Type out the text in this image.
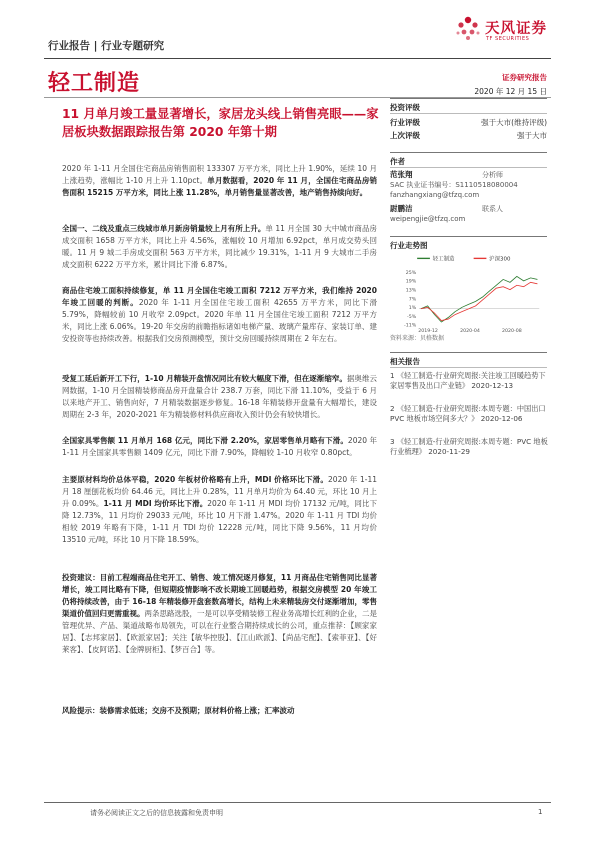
行业报告 | 行业专题研究
天风证券
TF SECURITIES
轻工制造
11 月单月竣工量显著增长，家居龙头线上销售亮眼——家居板块数据跟踪报告第 2020 年第十期
证券研究报告
2020 年 12 月 15 日
投资评级
行业评级	强于大市(维持评级)
上次评级	强于大市
作者
范张翔	分析师
SAC 执业证书编号：S1110518080004
fanzhangxiang@tfzq.com
尉鹏洁	联系人
weipengjie@tfzq.com
行业走势图
轻工制造	沪深300
25%
19%
13%
7%
1%
-5%
-11%
2019-12	2020-04	2020-08
资料来源：贝格数据
相关报告
1 《轻工制造-行业研究周报:关注竣工回暖趋势下家居零售及出口产业链》 2020-12-13
2 《轻工制造-行业研究周报:本周专题：中国出口 PVC 地板市场空间多大？》 2020-12-06
3 《轻工制造-行业研究周报:本周专题：PVC 地板行业梳理》 2020-11-29

2020 年 1-11 月全国住宅商品房销售面积 133307 万平方米，同比上升 1.90%，延续 10 月上涨趋势，涨幅比 1-10 月上升 1.10pct。单月数据看，2020 年 11 月，全国住宅商品房销售面积 15215 万平方米，同比上涨 11.28%，单月销售量显著改善，地产销售持续向好。

全国一、二线及重点三线城市单月新房销量较上月有所上升。单 11 月全国 30 大中城市商品房成交面积 1658 万平方米，同比上升 4.56%，涨幅较 10 月增加 6.92pct，单月成交势头回暖。11 月 9 城二手房成交面积 563 万平方米，同比减少 19.31%，1-11 月 9 大城市二手房成交面积 6222 万平方米，累计同比下滑 6.87%。

商品住宅竣工面积持续修复，单 11 月全国住宅竣工面积 7212 万平方米，我们维持 2020 年竣工回暖的判断。2020 年 1-11 月全国住宅竣工面积 42655 万平方米，同比下滑 5.79%，降幅较前 10 月收窄 2.09pct。2020 年单 11 月全国住宅竣工面积 7212 万平方米，同比上涨 6.06%。19-20 年交房的前瞻指标诸如电梯产量、玻璃产量库存、家装订单、建安投资等也持续改善。根据我们交房预测模型，预计交房回暖持续周期在 2 年左右。

受复工延后新开工下行，1-10 月精装开盘情况同比有较大幅度下滑，但在逐渐缩窄。据奥维云网数据，1-10 月全国精装修商品房开盘量合计 238.7 万套，同比下滑 11.10%，受益于 6 月以来地产开工、销售向好，7 月精装数据逐步修复。16-18 年精装修开盘量有大幅增长，建设周期在 2-3 年，2020-2021 年为精装修材料供应商收入预计仍会有较快增长。

全国家具零售额 11 月单月 168 亿元，同比下滑 2.20%，家居零售单月略有下滑。2020 年 1-11 月全国家具零售额 1409 亿元，同比下滑 7.90%，降幅较 1-10 月收窄 0.80pct。

主要原材料均价总体平稳，2020 年板材价格略有上升，MDI 价格环比下滑。2020 年 1-11 月 18 厘刨花板均价 64.46 元，同比上升 0.28%，11 月单月均价为 64.40 元，环比 10 月上升 0.09%。1-11 月 MDI 均价环比下滑。2020 年 1-11 月 MDI 均价 17132 元/吨，同比下降 12.73%，11 月均价 29033 元/吨，环比 10 月下滑 1.47%。2020 年 1-11 月 TDI 均价相较 2019 年略有下降，1-11 月 TDI 均价 12228 元/吨，同比下降 9.56%，11 月均价 13510 元/吨，环比 10 月下降 18.59%。

投资建议：目前工程端商品住宅开工、销售、竣工情况逐月修复，11 月商品住宅销售同比显著增长，竣工同比略有下降，但短期疫情影响不改长期竣工回暖趋势，根据交房模型 20 年竣工仍将持续改善，由于 16-18 年精装修开盘套数高增长，结构上未来精装房交付逐渐增加，零售渠道价值回归更需重视。两条思路选股，一是可以享受精装修工程业务高增长红利的企业，二是管理优异、产品、渠道战略布局领先，可以在行业整合期持续成长的公司，重点推荐：【顾家家居】、【志邦家居】、【欧派家居】；关注【敏华控股】、【江山欧派】、【尚品宅配】、【索菲亚】、【好莱客】、【皮阿诺】、【金牌厨柜】、【梦百合】等。

风险提示：装修需求低迷；交房不及预期；原材料价格上涨；汇率波动
请务必阅读正文之后的信息披露和免责申明	1
